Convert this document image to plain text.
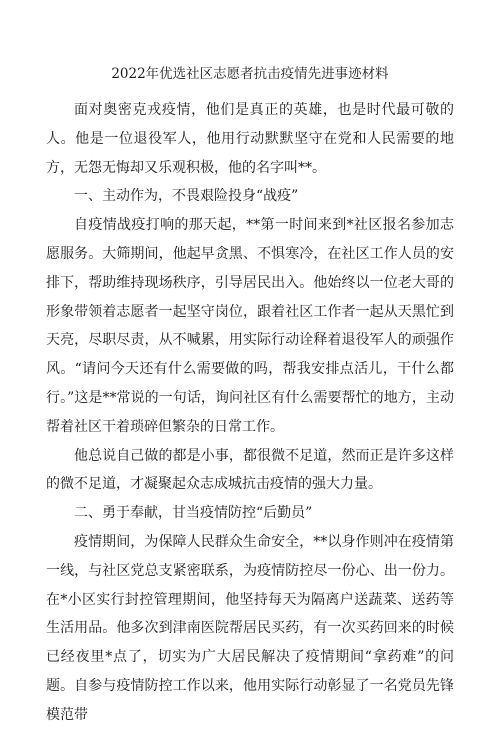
2022年优选社区志愿者抗击疫情先进事迹材料

面对奥密克戎疫情，他们是真正的英雄，也是时代最可敬的人。他是一位退役军人，他用行动默默坚守在党和人民需要的地方，无怨无悔却又乐观积极，他的名字叫**。

一、主动作为，不畏艰险投身“战疫”

自疫情战疫打响的那天起，**第一时间来到*社区报名参加志愿服务。大筛期间，他起早贪黑、不惧寒冷，在社区工作人员的安排下，帮助维持现场秩序，引导居民出入。他始终以一位老大哥的形象带领着志愿者一起坚守岗位，跟着社区工作者一起从天黑忙到天亮，尽职尽责，从不喊累，用实际行动诠释着退役军人的顽强作风。“请问今天还有什么需要做的吗，帮我安排点活儿，干什么都行。”这是**常说的一句话，询问社区有什么需要帮忙的地方，主动帮着社区干着琐碎但繁杂的日常工作。

他总说自己做的都是小事，都很微不足道，然而正是许多这样的微不足道，才凝聚起众志成城抗击疫情的强大力量。

二、勇于奉献，甘当疫情防控“后勤员”

疫情期间，为保障人民群众生命安全，**以身作则冲在疫情第一线，与社区党总支紧密联系，为疫情防控尽一份心、出一份力。在*小区实行封控管理期间，他坚持每天为隔离户送蔬菜、送药等生活用品。他多次到津南医院帮居民买药，有一次买药回来的时候已经夜里*点了，切实为广大居民解决了疫情期间“拿药难”的问题。自参与疫情防控工作以来，他用实际行动彰显了一名党员先锋模范带
